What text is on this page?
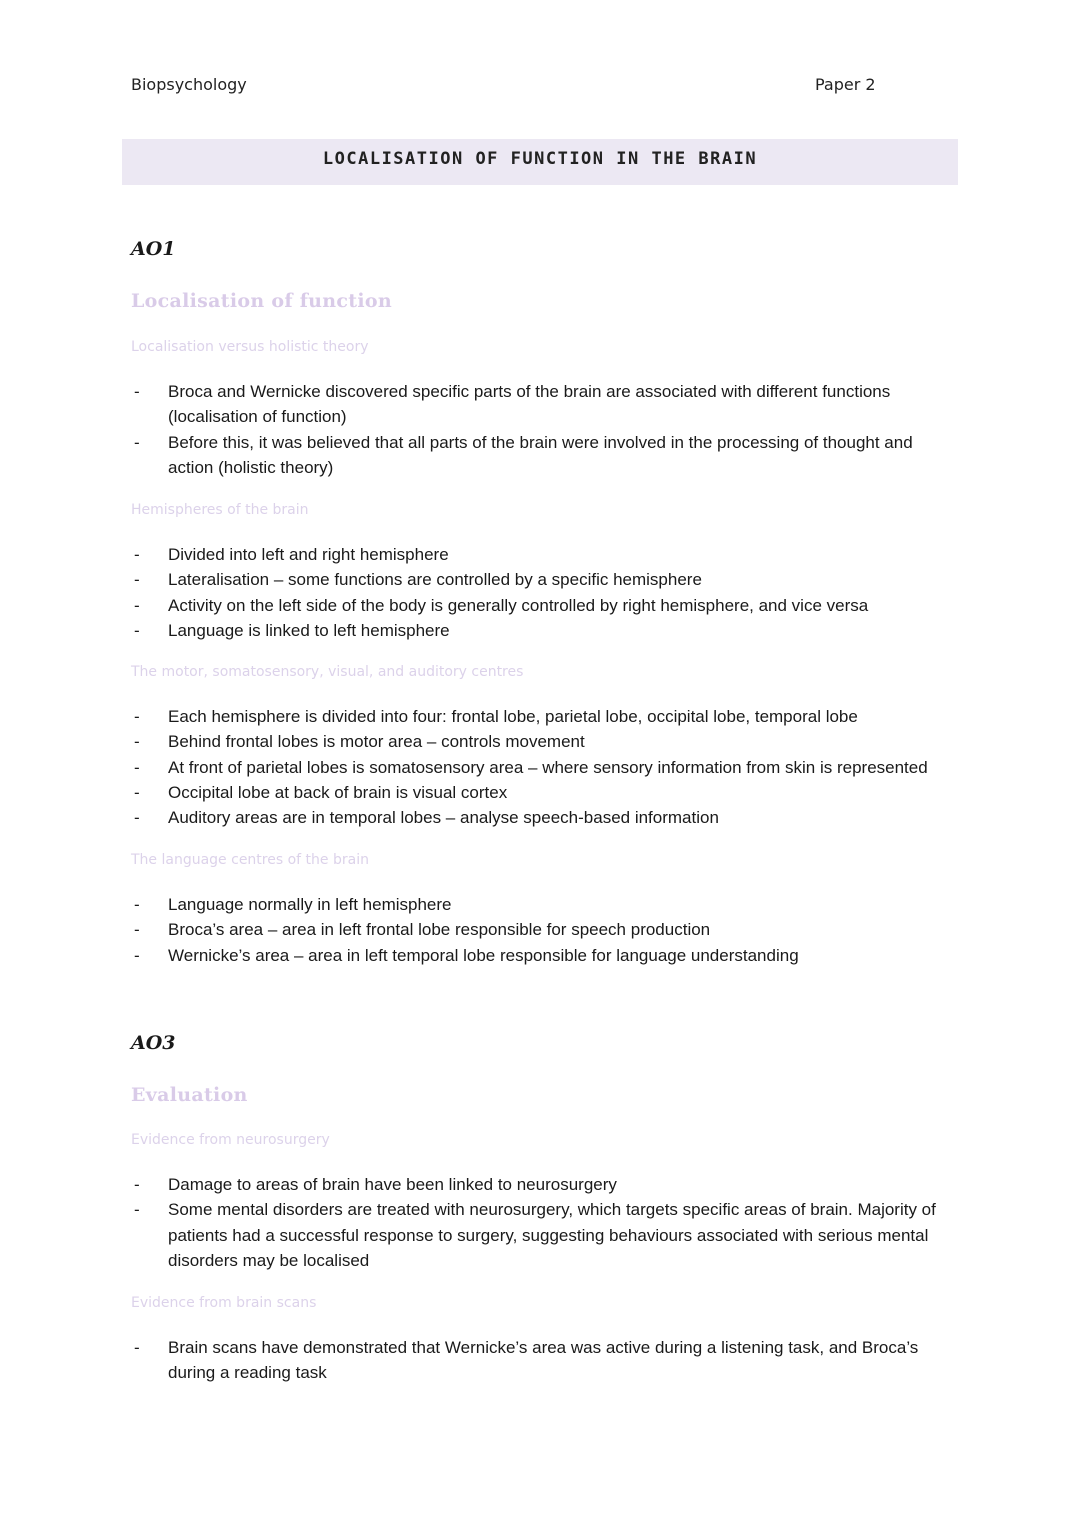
Biopsychology	Paper 2
LOCALISATION OF FUNCTION IN THE BRAIN
AO1
Localisation of function
Localisation versus holistic theory
- Broca and Wernicke discovered specific parts of the brain are associated with different functions (localisation of function)
- Before this, it was believed that all parts of the brain were involved in the processing of thought and action (holistic theory)
Hemispheres of the brain
- Divided into left and right hemisphere
- Lateralisation – some functions are controlled by a specific hemisphere
- Activity on the left side of the body is generally controlled by right hemisphere, and vice versa
- Language is linked to left hemisphere
The motor, somatosensory, visual, and auditory centres
- Each hemisphere is divided into four: frontal lobe, parietal lobe, occipital lobe, temporal lobe
- Behind frontal lobes is motor area – controls movement
- At front of parietal lobes is somatosensory area – where sensory information from skin is represented
- Occipital lobe at back of brain is visual cortex
- Auditory areas are in temporal lobes – analyse speech-based information
The language centres of the brain
- Language normally in left hemisphere
- Broca’s area – area in left frontal lobe responsible for speech production
- Wernicke’s area – area in left temporal lobe responsible for language understanding
AO3
Evaluation
Evidence from neurosurgery
- Damage to areas of brain have been linked to neurosurgery
- Some mental disorders are treated with neurosurgery, which targets specific areas of brain. Majority of patients had a successful response to surgery, suggesting behaviours associated with serious mental disorders may be localised
Evidence from brain scans
- Brain scans have demonstrated that Wernicke’s area was active during a listening task, and Broca’s during a reading task
